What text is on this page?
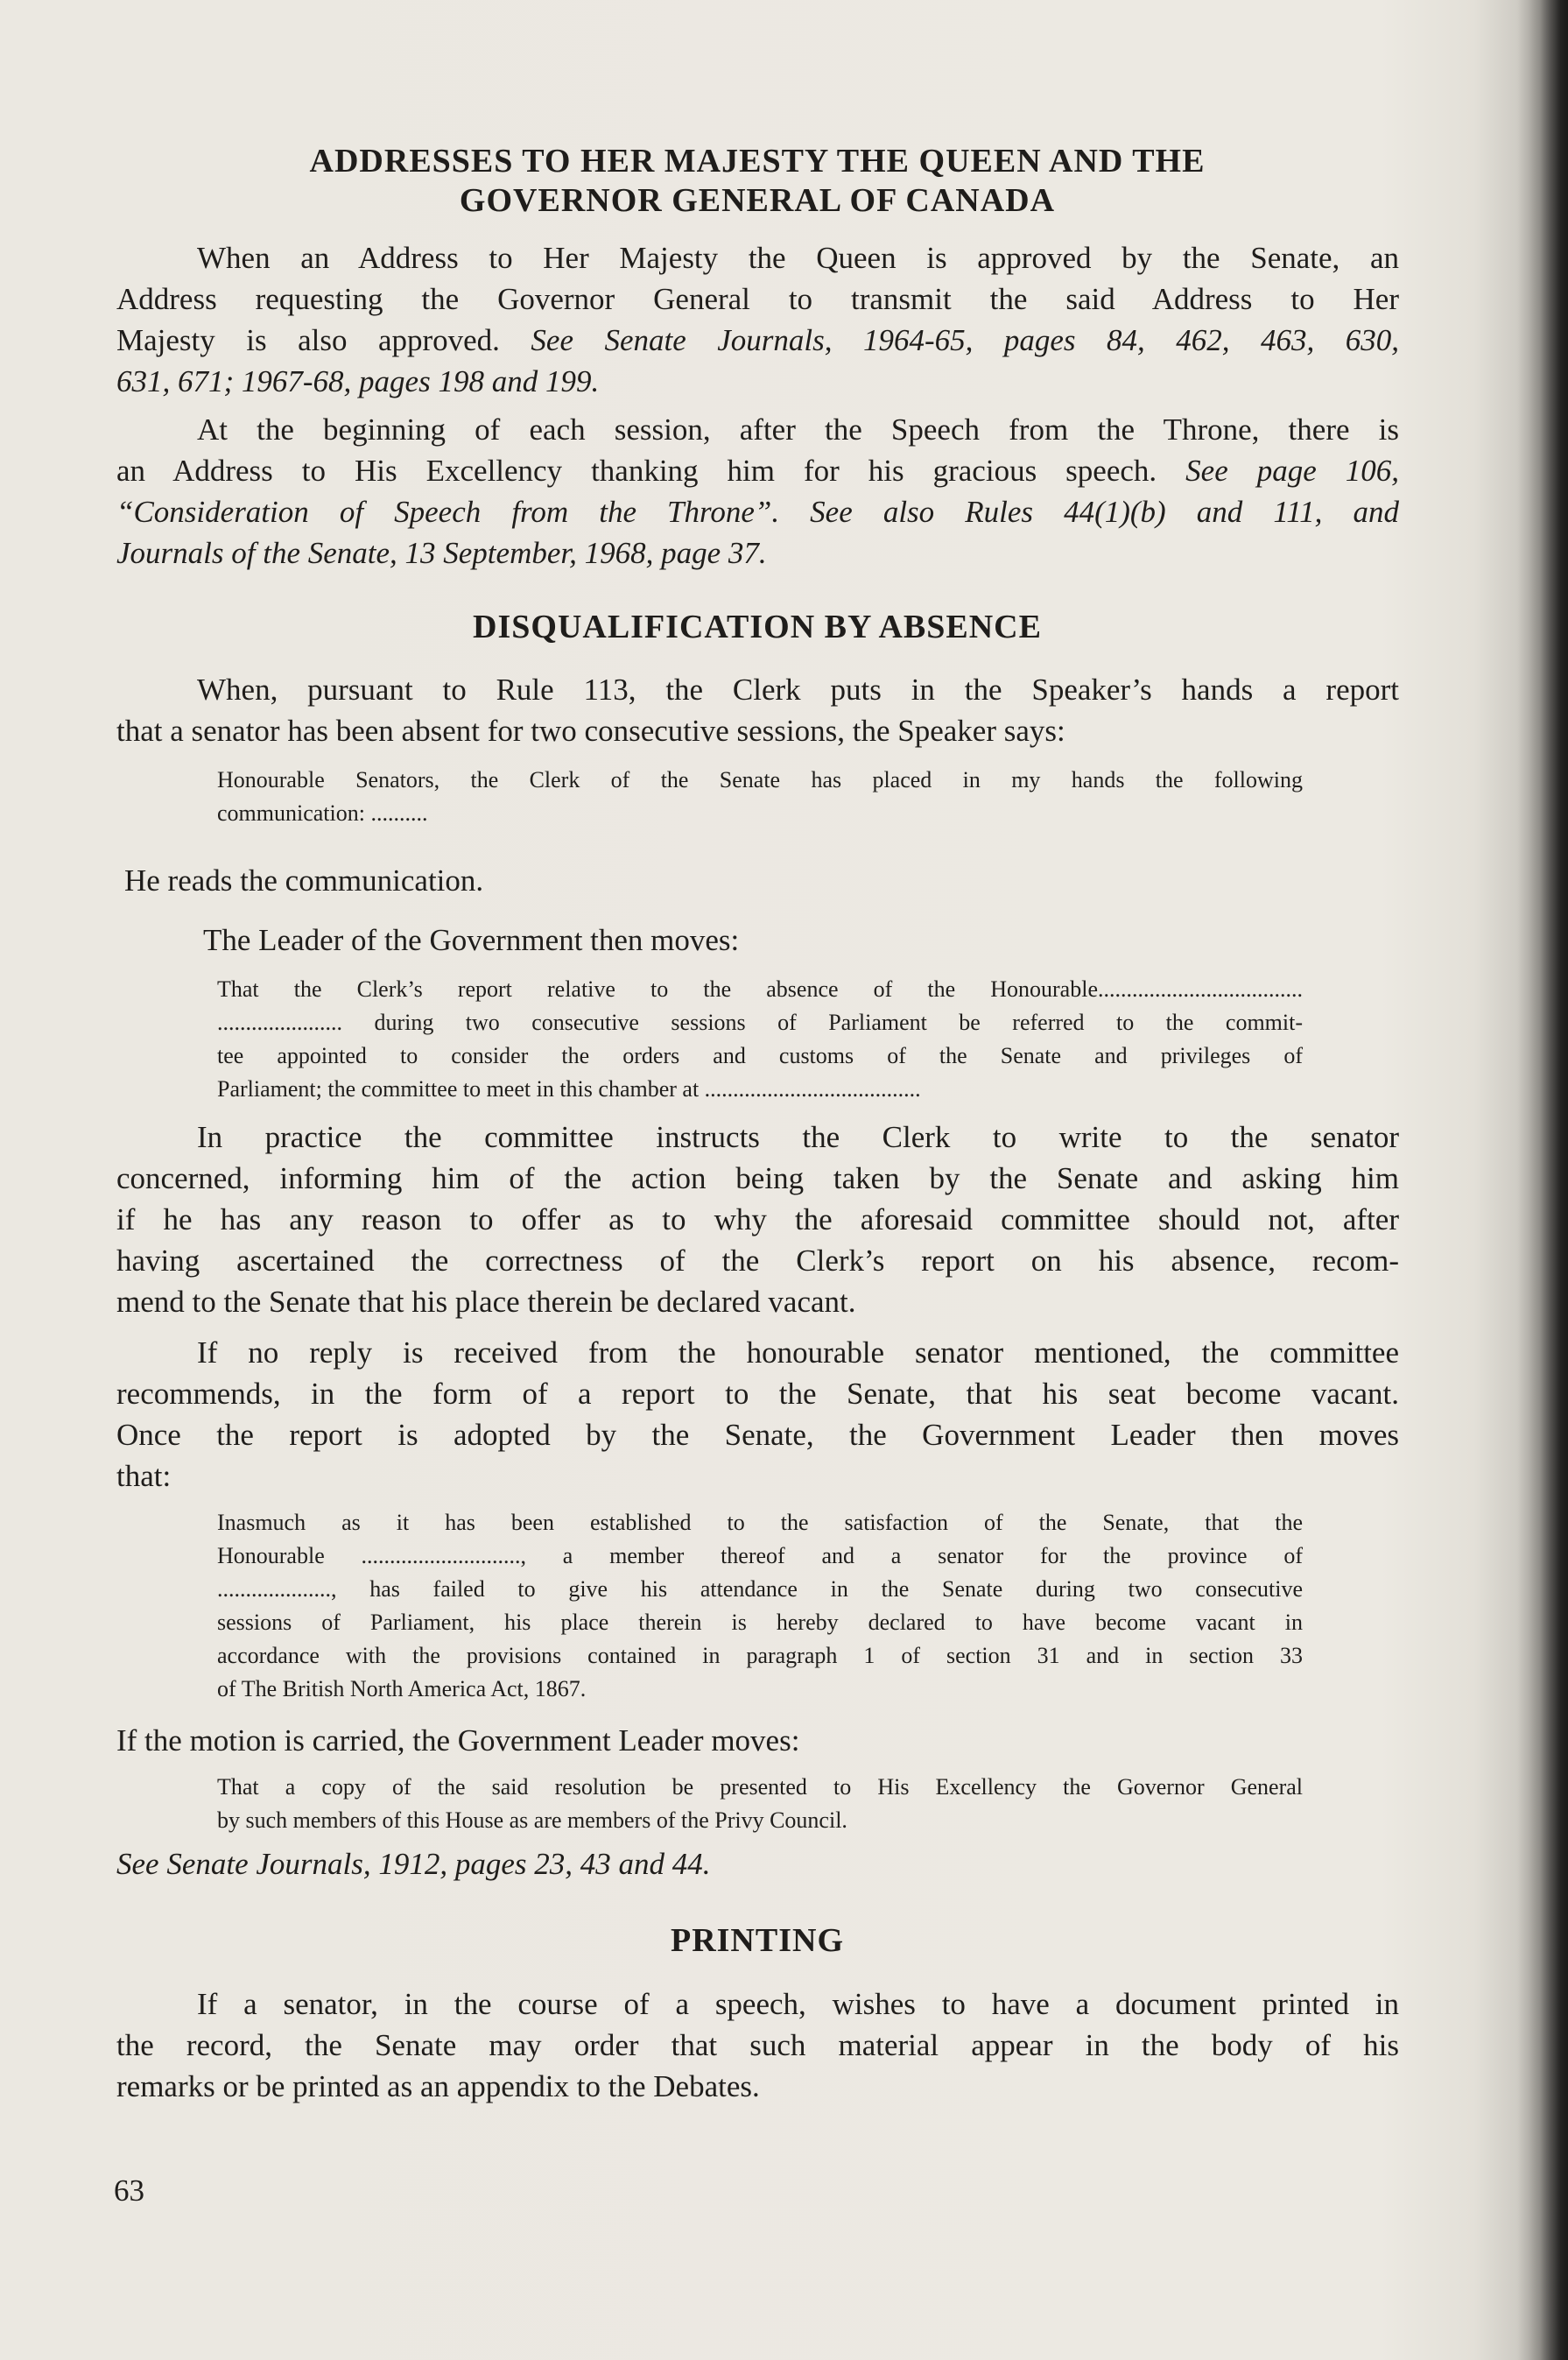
ADDRESSES TO HER MAJESTY THE QUEEN AND THE
GOVERNOR GENERAL OF CANADA
When an Address to Her Majesty the Queen is approved by the Senate, an
Address requesting the Governor General to transmit the said Address to Her
Majesty is also approved. See Senate Journals, 1964-65, pages 84, 462, 463, 630,
631, 671; 1967-68, pages 198 and 199.
At the beginning of each session, after the Speech from the Throne, there is
an Address to His Excellency thanking him for his gracious speech. See page 106,
“Consideration of Speech from the Throne”. See also Rules 44(1)(b) and 111, and
Journals of the Senate, 13 September, 1968, page 37.
DISQUALIFICATION BY ABSENCE
When, pursuant to Rule 113, the Clerk puts in the Speaker’s hands a report
that a senator has been absent for two consecutive sessions, the Speaker says:
Honourable Senators, the Clerk of the Senate has placed in my hands the following
communication: ..........
He reads the communication.
The Leader of the Government then moves:
That the Clerk’s report relative to the absence of the Honourable....................................
...................... during two consecutive sessions of Parliament be referred to the commit-
tee appointed to consider the orders and customs of the Senate and privileges of
Parliament; the committee to meet in this chamber at ......................................
In practice the committee instructs the Clerk to write to the senator
concerned, informing him of the action being taken by the Senate and asking him
if he has any reason to offer as to why the aforesaid committee should not, after
having ascertained the correctness of the Clerk’s report on his absence, recom-
mend to the Senate that his place therein be declared vacant.
If no reply is received from the honourable senator mentioned, the committee
recommends, in the form of a report to the Senate, that his seat become vacant.
Once the report is adopted by the Senate, the Government Leader then moves
that:
Inasmuch as it has been established to the satisfaction of the Senate, that the
Honourable ............................, a member thereof and a senator for the province of
...................., has failed to give his attendance in the Senate during two consecutive
sessions of Parliament, his place therein is hereby declared to have become vacant in
accordance with the provisions contained in paragraph 1 of section 31 and in section 33
of The British North America Act, 1867.
If the motion is carried, the Government Leader moves:
That a copy of the said resolution be presented to His Excellency the Governor General
by such members of this House as are members of the Privy Council.
See Senate Journals, 1912, pages 23, 43 and 44.
PRINTING
If a senator, in the course of a speech, wishes to have a document printed in
the record, the Senate may order that such material appear in the body of his
remarks or be printed as an appendix to the Debates.
63
